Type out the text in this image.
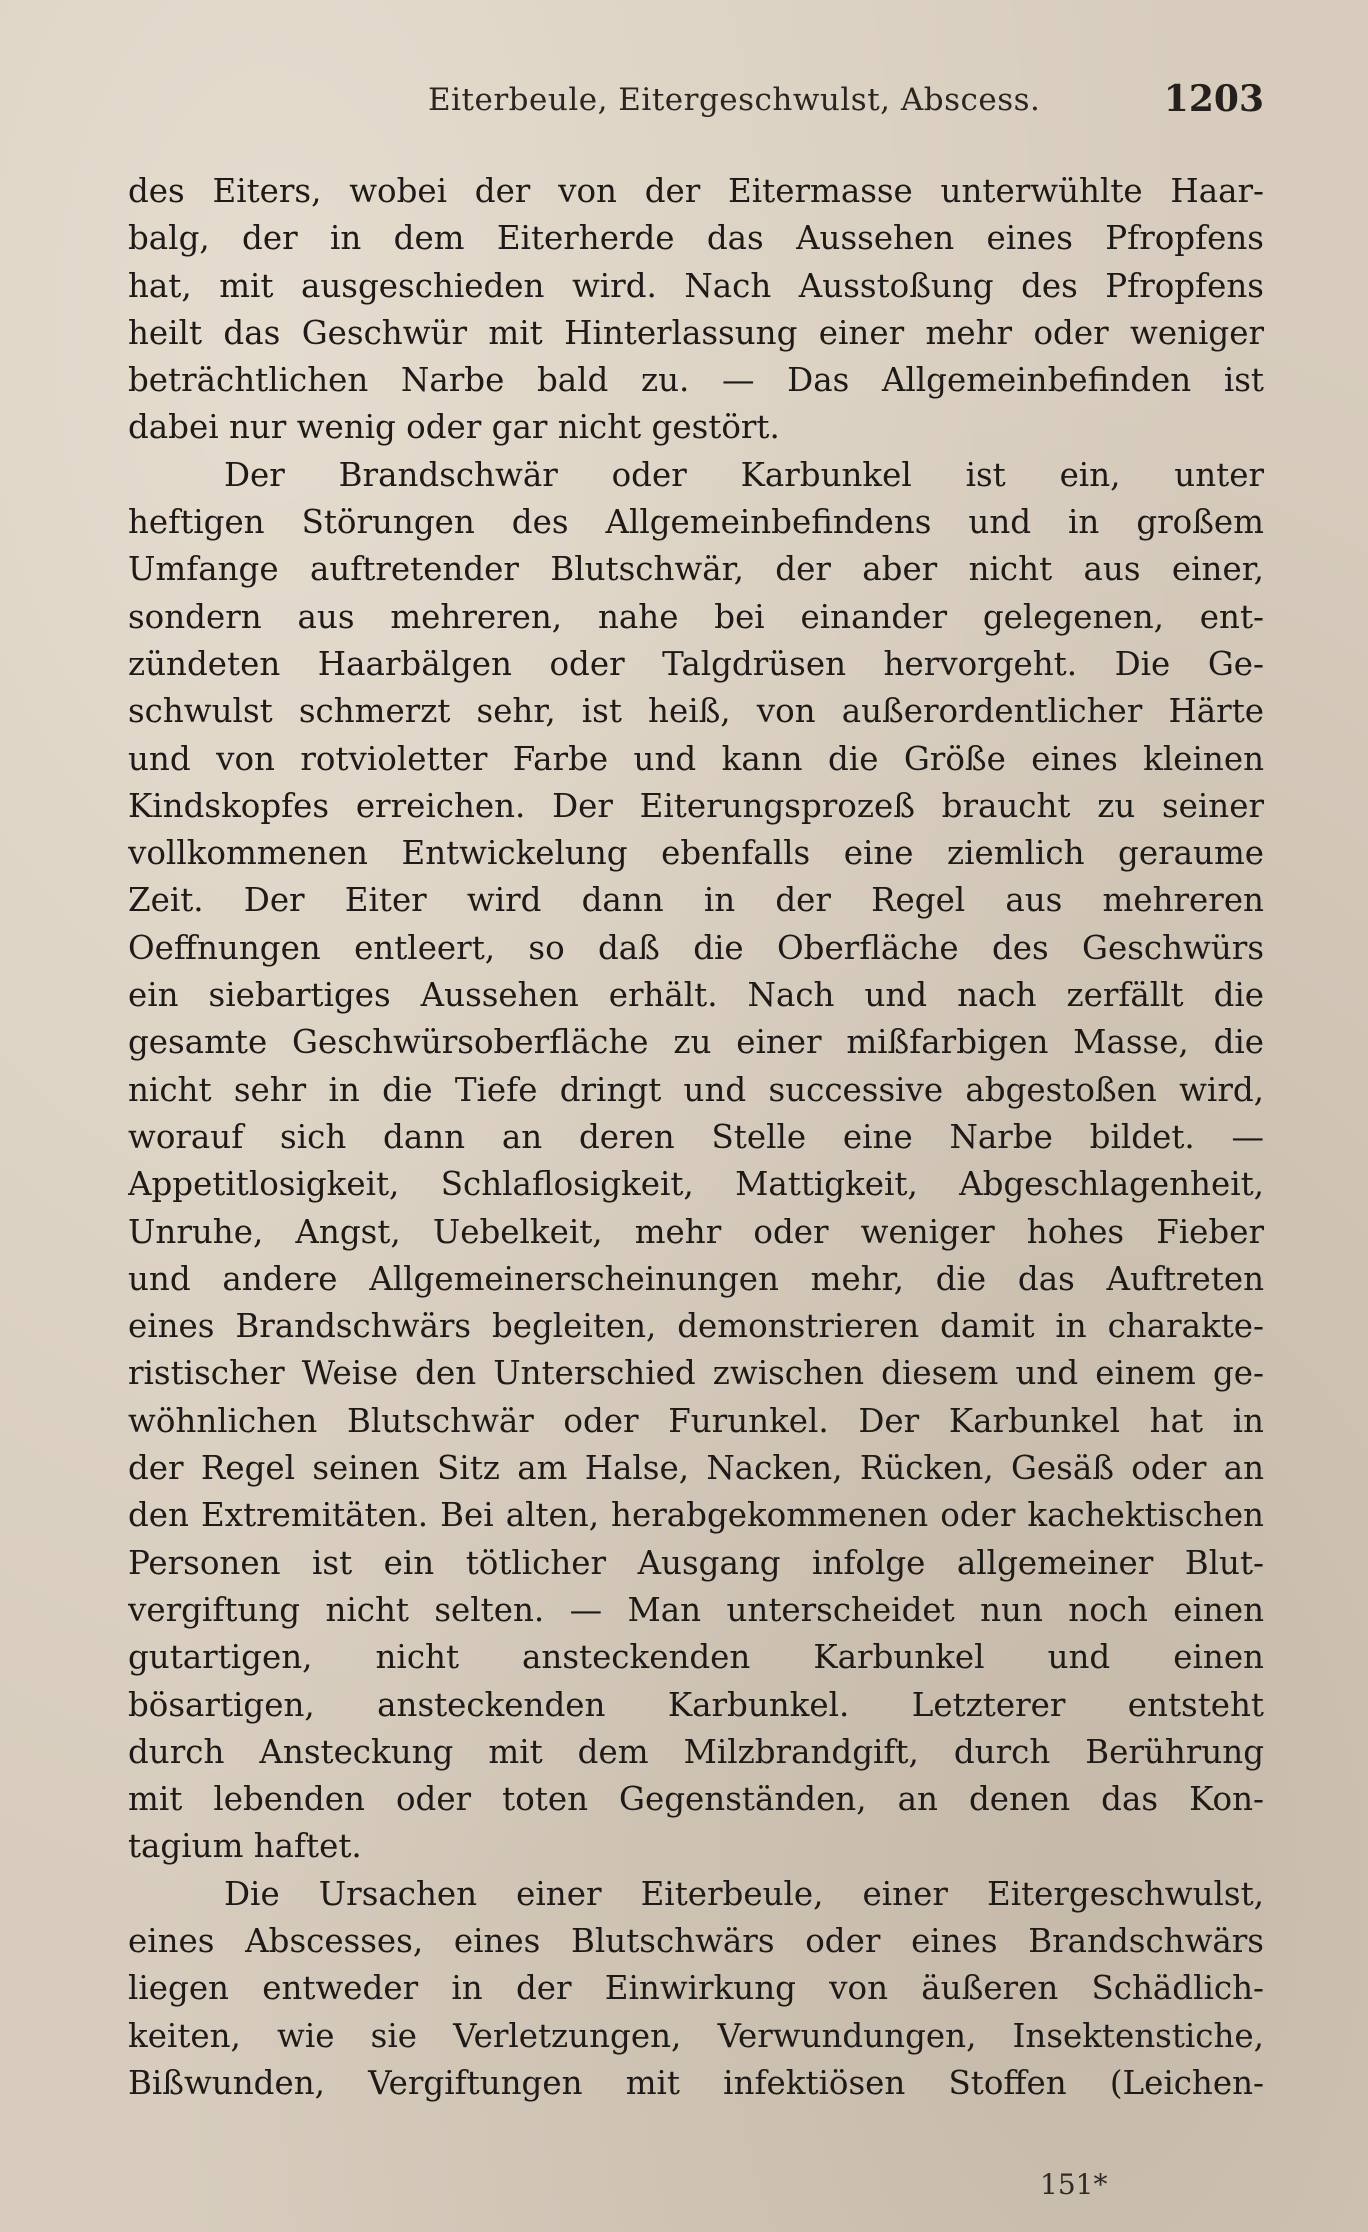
Eiterbeule, Eitergeschwulst, Abscess.	1203
des Eiters, wobei der von der Eitermasse unterwühlte Haar-
balg, der in dem Eiterherde das Aussehen eines Pfropfens
hat, mit ausgeschieden wird. Nach Ausstoßung des Pfropfens
heilt das Geschwür mit Hinterlassung einer mehr oder weniger
beträchtlichen Narbe bald zu. — Das Allgemeinbefinden ist
dabei nur wenig oder gar nicht gestört.
Der Brandschwär oder Karbunkel ist ein, unter
heftigen Störungen des Allgemeinbefindens und in großem
Umfange auftretender Blutschwär, der aber nicht aus einer,
sondern aus mehreren, nahe bei einander gelegenen, ent-
zündeten Haarbälgen oder Talgdrüsen hervorgeht. Die Ge-
schwulst schmerzt sehr, ist heiß, von außerordentlicher Härte
und von rotvioletter Farbe und kann die Größe eines kleinen
Kindskopfes erreichen. Der Eiterungsprozeß braucht zu seiner
vollkommenen Entwickelung ebenfalls eine ziemlich geraume
Zeit. Der Eiter wird dann in der Regel aus mehreren
Oeffnungen entleert, so daß die Oberfläche des Geschwürs
ein siebartiges Aussehen erhält. Nach und nach zerfällt die
gesamte Geschwürsoberfläche zu einer mißfarbigen Masse, die
nicht sehr in die Tiefe dringt und successive abgestoßen wird,
worauf sich dann an deren Stelle eine Narbe bildet. —
Appetitlosigkeit, Schlaflosigkeit, Mattigkeit, Abgeschlagenheit,
Unruhe, Angst, Uebelkeit, mehr oder weniger hohes Fieber
und andere Allgemeinerscheinungen mehr, die das Auftreten
eines Brandschwärs begleiten, demonstrieren damit in charakte-
ristischer Weise den Unterschied zwischen diesem und einem ge-
wöhnlichen Blutschwär oder Furunkel. Der Karbunkel hat in
der Regel seinen Sitz am Halse, Nacken, Rücken, Gesäß oder an
den Extremitäten. Bei alten, herabgekommenen oder kachektischen
Personen ist ein tötlicher Ausgang infolge allgemeiner Blut-
vergiftung nicht selten. — Man unterscheidet nun noch einen
gutartigen, nicht ansteckenden Karbunkel und einen
bösartigen, ansteckenden Karbunkel. Letzterer entsteht
durch Ansteckung mit dem Milzbrandgift, durch Berührung
mit lebenden oder toten Gegenständen, an denen das Kon-
tagium haftet.
Die Ursachen einer Eiterbeule, einer Eitergeschwulst,
eines Abscesses, eines Blutschwärs oder eines Brandschwärs
liegen entweder in der Einwirkung von äußeren Schädlich-
keiten, wie sie Verletzungen, Verwundungen, Insektenstiche,
Bißwunden, Vergiftungen mit infektiösen Stoffen (Leichen-
151*
